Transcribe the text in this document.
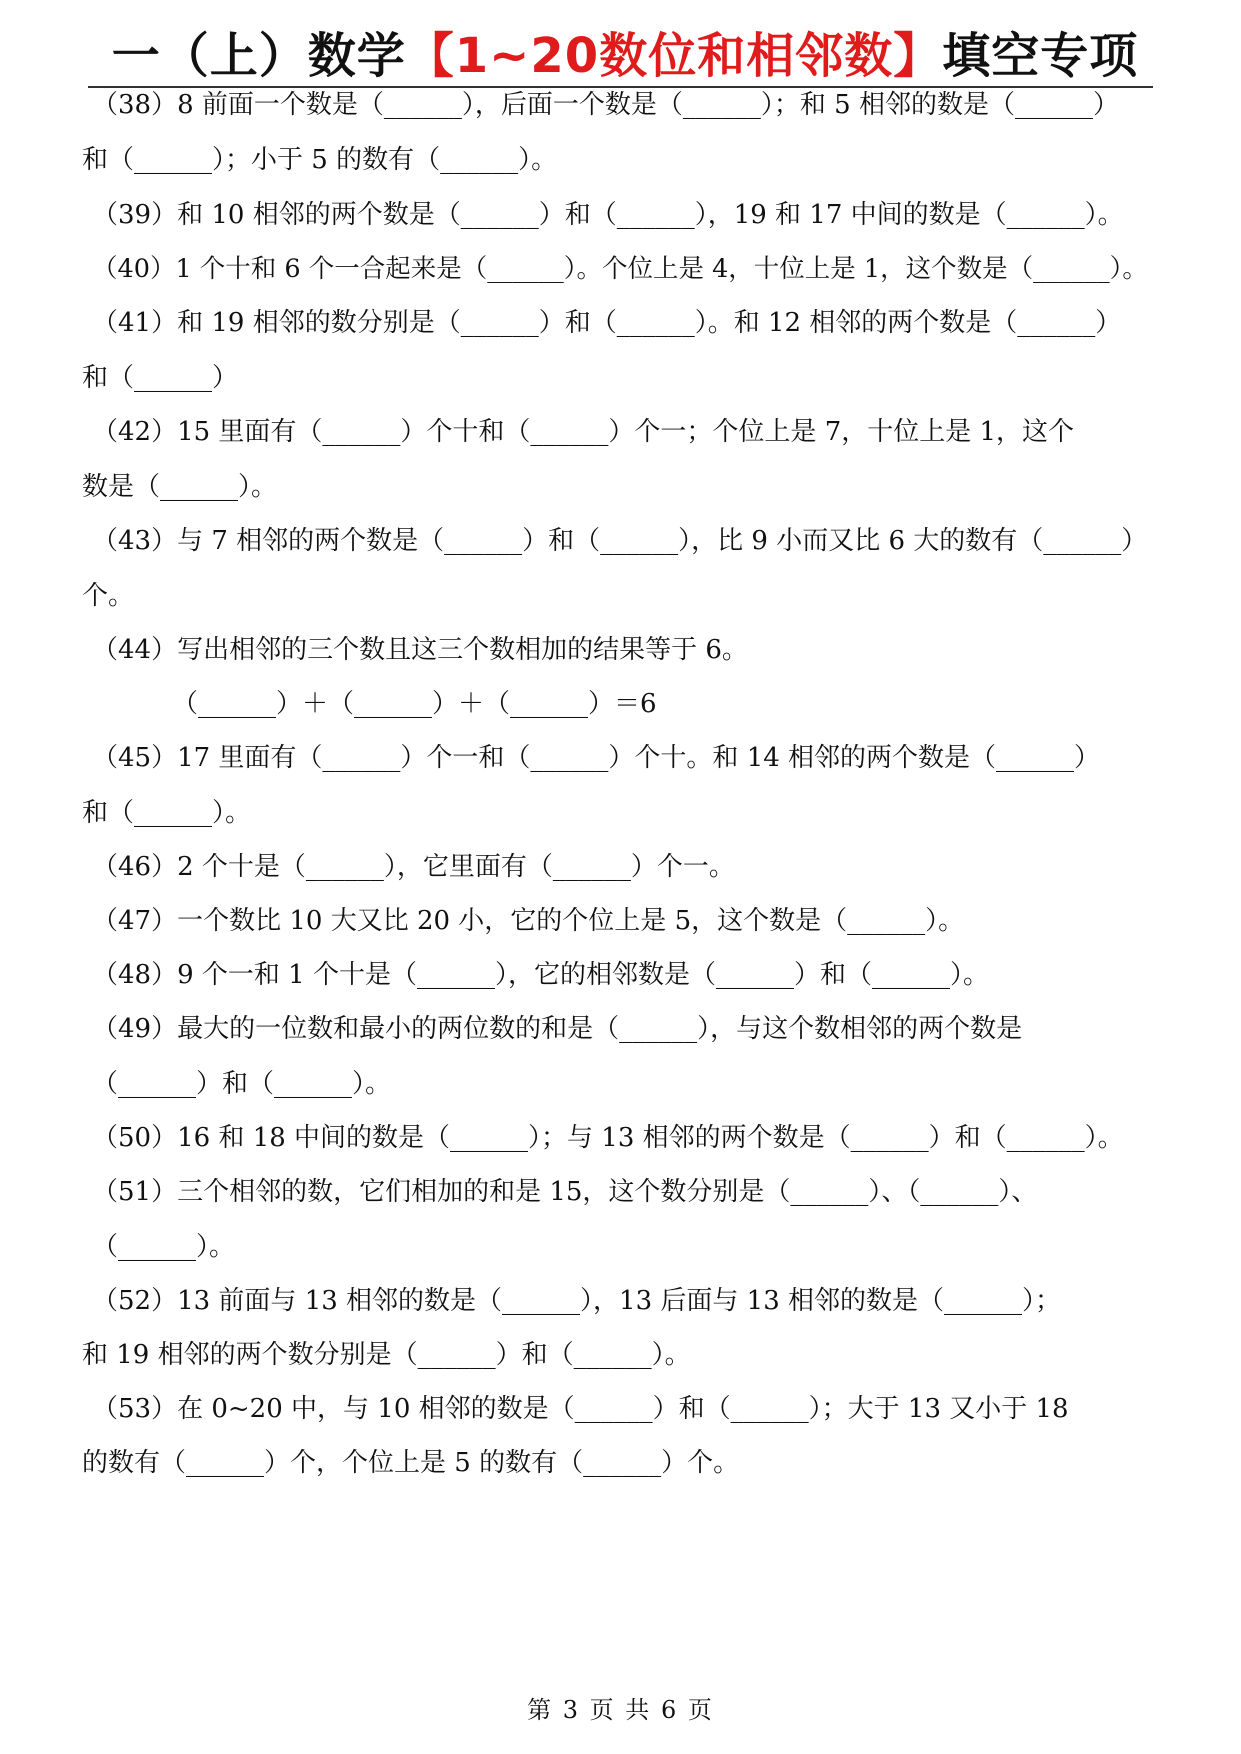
一（上）数学 【1~20数位和相邻数】 填空专项
（38）8 前面一个数是（______），后面一个数是（______）；和 5 相邻的数是（______）
和（______）；小于 5 的数有（______）。
（39）和 10 相邻的两个数是（______）和（______），19 和 17 中间的数是（______）。
（40）1 个十和 6 个一合起来是（______）。个位上是 4，十位上是 1，这个数是（______）。
（41）和 19 相邻的数分别是（______）和（______）。和 12 相邻的两个数是（______）
和（______）
（42）15 里面有（______）个十和（______）个一；个位上是 7，十位上是 1，这个
数是（______）。
（43）与 7 相邻的两个数是（______）和（______），比 9 小而又比 6 大的数有（______）
个。
（44）写出相邻的三个数且这三个数相加的结果等于 6。
（______）＋（______）＋（______）＝6
（45）17 里面有（______）个一和（______）个十。和 14 相邻的两个数是（______）
和（______）。
（46）2 个十是（______），它里面有（______）个一。
（47）一个数比 10 大又比 20 小，它的个位上是 5，这个数是（______）。
（48）9 个一和 1 个十是（______），它的相邻数是（______）和（______）。
（49）最大的一位数和最小的两位数的和是（______），与这个数相邻的两个数是
（______）和（______）。
（50）16 和 18 中间的数是（______）；与 13 相邻的两个数是（______）和（______）。
（51）三个相邻的数，它们相加的和是 15，这个数分别是（______）、（______）、
（______）。
（52）13 前面与 13 相邻的数是（______），13 后面与 13 相邻的数是（______）；
和 19 相邻的两个数分别是（______）和（______）。
（53）在 0~20 中，与 10 相邻的数是（______）和（______）；大于 13 又小于 18
的数有（______）个，个位上是 5 的数有（______）个。
第 3 页 共 6 页
